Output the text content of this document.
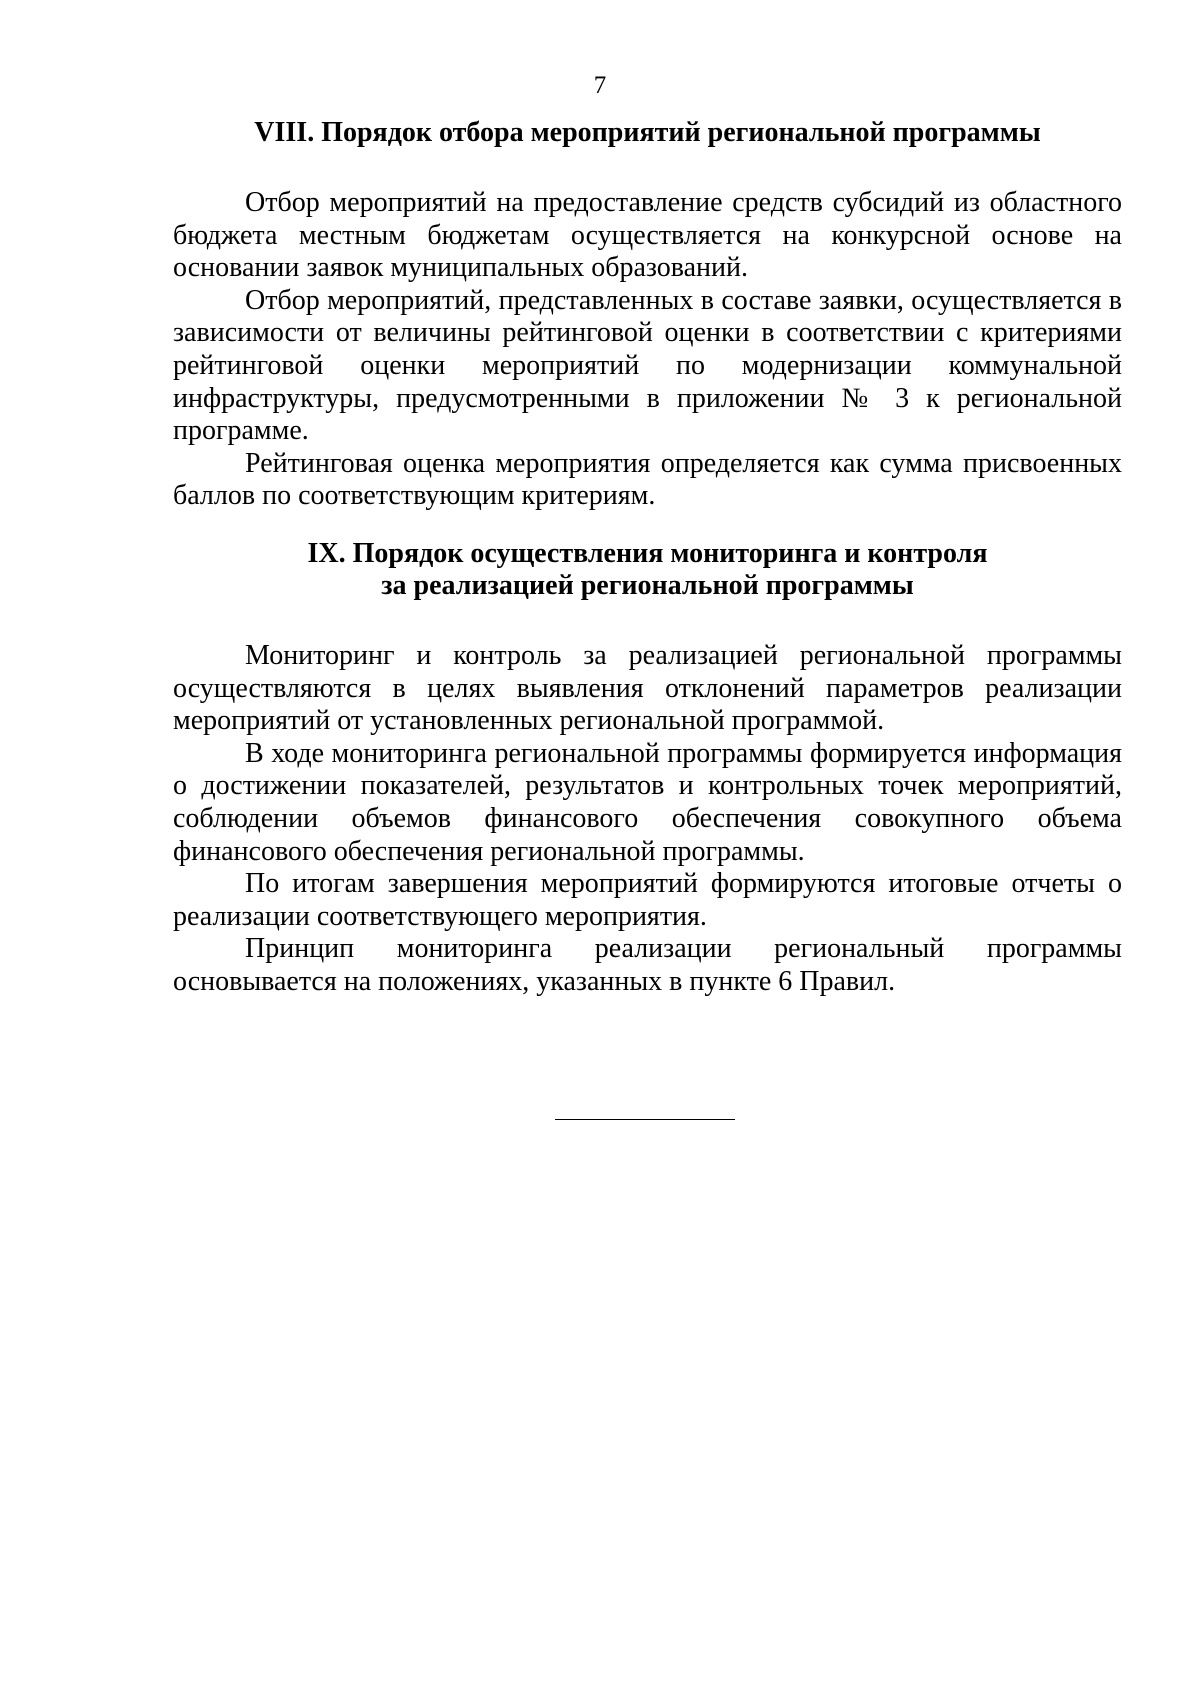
7
VIII. Порядок отбора мероприятий региональной программы

Отбор мероприятий на предоставление средств субсидий из областного бюджета местным бюджетам осуществляется на конкурсной основе на основании заявок муниципальных образований.

Отбор мероприятий, представленных в составе заявки, осуществляется в зависимости от величины рейтинговой оценки в соответствии с критериями рейтинговой оценки мероприятий по модернизации коммунальной инфраструктуры, предусмотренными в приложении № 3 к региональной программе.

Рейтинговая оценка мероприятия определяется как сумма присвоенных баллов по соответствующим критериям.

IX. Порядок осуществления мониторинга и контроля
за реализацией региональной программы

Мониторинг и контроль за реализацией региональной программы осуществляются в целях выявления отклонений параметров реализации мероприятий от установленных региональной программой.

В ходе мониторинга региональной программы формируется информация о достижении показателей, результатов и контрольных точек мероприятий, соблюдении объемов финансового обеспечения совокупного объема финансового обеспечения региональной программы.

По итогам завершения мероприятий формируются итоговые отчеты о реализации соответствующего мероприятия.

Принцип мониторинга реализации региональный программы основывается на положениях, указанных в пункте 6 Правил.
